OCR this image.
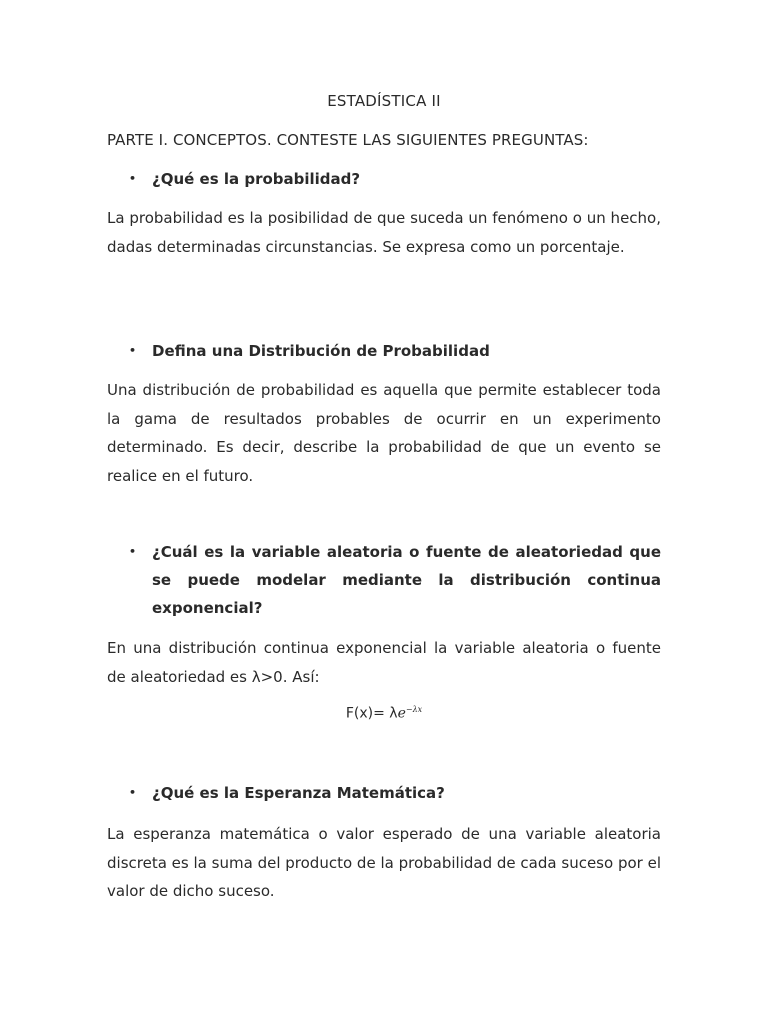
ESTADÍSTICA II
PARTE I. CONCEPTOS. CONTESTE LAS SIGUIENTES PREGUNTAS:
• ¿Qué es la probabilidad?
La probabilidad es la posibilidad de que suceda un fenómeno o un hecho, dadas determinadas circunstancias. Se expresa como un porcentaje.
• Defina una Distribución de Probabilidad
Una distribución de probabilidad es aquella que permite establecer toda la gama de resultados probables de ocurrir en un experimento determinado. Es decir, describe la probabilidad de que un evento se realice en el futuro.
• ¿Cuál es la variable aleatoria o fuente de aleatoriedad que se puede modelar mediante la distribución continua exponencial?
En una distribución continua exponencial la variable aleatoria o fuente de aleatoriedad es λ>0. Así:
$F(x)= \lambda e^{-\lambda x}$
• ¿Qué es la Esperanza Matemática?
La esperanza matemática o valor esperado de una variable aleatoria discreta es la suma del producto de la probabilidad de cada suceso por el valor de dicho suceso.
